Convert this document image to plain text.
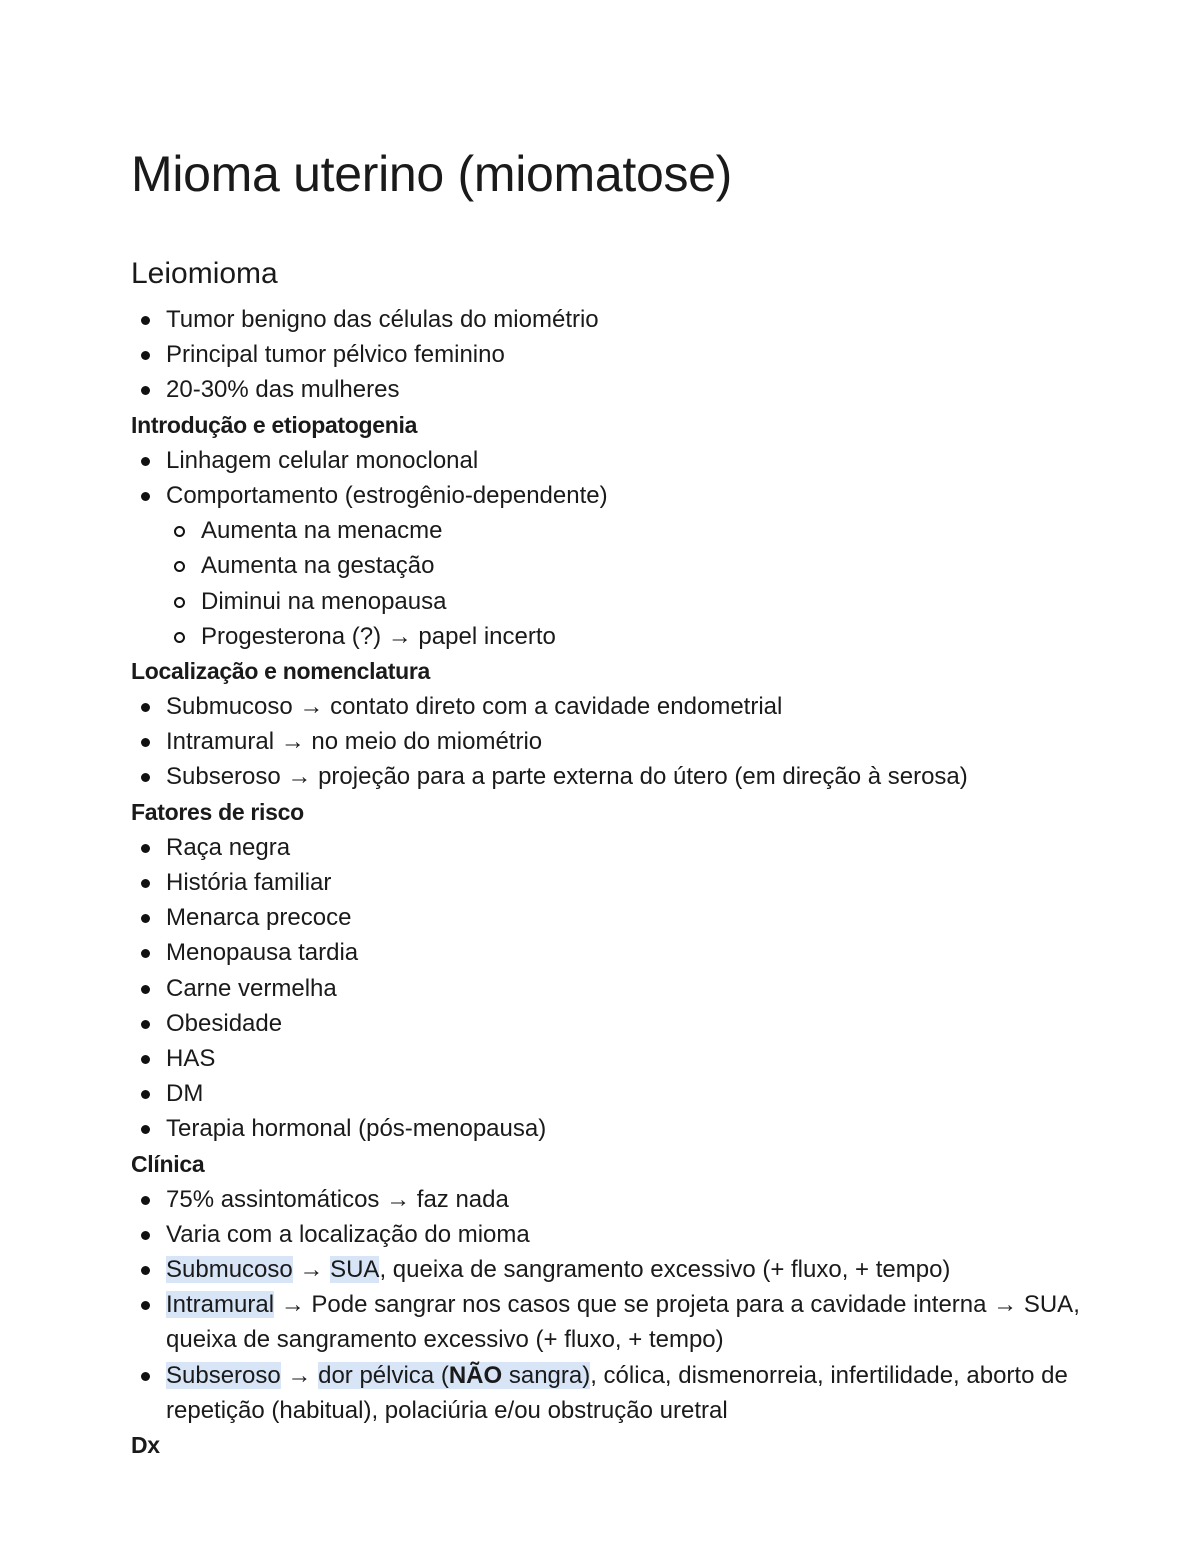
Mioma uterino (miomatose)
Leiomioma
Tumor benigno das células do miométrio
Principal tumor pélvico feminino
20-30% das mulheres
Introdução e etiopatogenia
Linhagem celular monoclonal
Comportamento (estrogênio-dependente)
Aumenta na menacme
Aumenta na gestação
Diminui na menopausa
Progesterona (?) → papel incerto
Localização e nomenclatura
Submucoso → contato direto com a cavidade endometrial
Intramural → no meio do miométrio
Subseroso → projeção para a parte externa do útero (em direção à serosa)
Fatores de risco
Raça negra
História familiar
Menarca precoce
Menopausa tardia
Carne vermelha
Obesidade
HAS
DM
Terapia hormonal (pós-menopausa)
Clínica
75% assintomáticos → faz nada
Varia com a localização do mioma
Submucoso → SUA, queixa de sangramento excessivo (+ fluxo, + tempo)
Intramural → Pode sangrar nos casos que se projeta para a cavidade interna → SUA, queixa de sangramento excessivo (+ fluxo, + tempo)
Subseroso → dor pélvica (NÃO sangra), cólica, dismenorreia, infertilidade, aborto de repetição (habitual), polaciúria e/ou obstrução uretral
Dx
